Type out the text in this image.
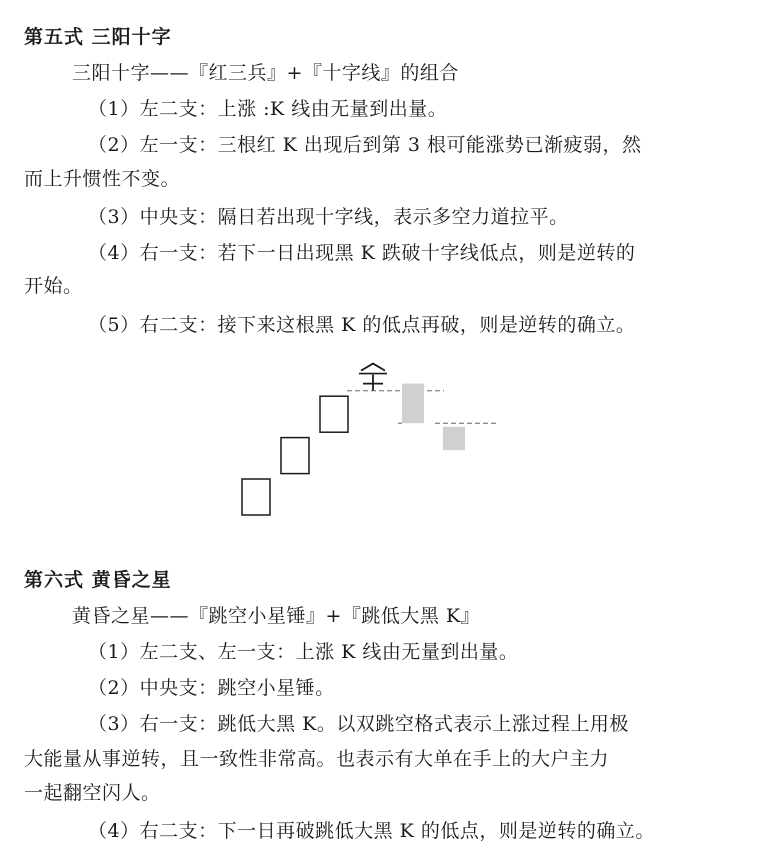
第五式 三阳十字
三阳十字——『红三兵』+『十字线』的组合
（1）左二支：上涨 :K 线由无量到出量。
（2）左一支：三根红 K 出现后到第 3 根可能涨势已渐疲弱，然
而上升惯性不变。
（3）中央支：隔日若出现十字线，表示多空力道拉平。
（4）右一支：若下一日出现黑 K 跌破十字线低点，则是逆转的
开始。
（5）右二支：接下来这根黑 K 的低点再破，则是逆转的确立。
第六式 黄昏之星
黄昏之星——『跳空小星锤』+『跳低大黑 K』
（1）左二支、左一支：上涨 K 线由无量到出量。
（2）中央支：跳空小星锤。
（3）右一支：跳低大黑 K。以双跳空格式表示上涨过程上用极
大能量从事逆转，且一致性非常高。也表示有大单在手上的大户主力
一起翻空闪人。
（4）右二支：下一日再破跳低大黑 K 的低点，则是逆转的确立。
